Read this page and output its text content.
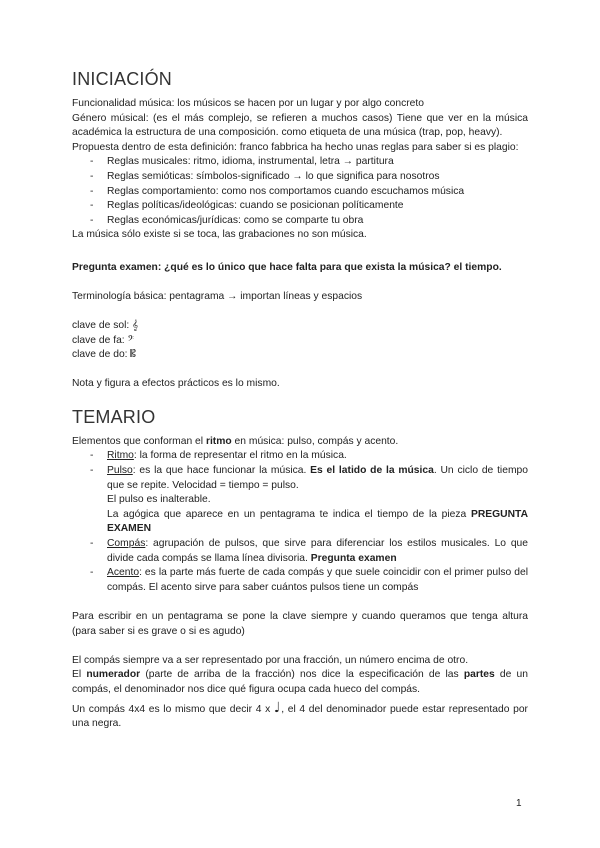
INICIACIÓN

Funcionalidad música: los músicos se hacen por un lugar y por algo concreto

Género músical: (es el más complejo, se refieren a muchos casos) Tiene que ver en la música académica la estructura de una composición. como etiqueta de una música (trap, pop, heavy).

Propuesta dentro de esta definición: franco fabbrica ha hecho unas reglas para saber si es plagio:

- Reglas musicales: ritmo, idioma, instrumental, letra → partitura
- Reglas semióticas: símbolos-significado → lo que significa para nosotros
- Reglas comportamiento: como nos comportamos cuando escuchamos música
- Reglas políticas/ideológicas: cuando se posicionan políticamente
- Reglas económicas/jurídicas: como se comparte tu obra

La música sólo existe si se toca, las grabaciones no son música.

Pregunta examen: ¿qué es lo único que hace falta para que exista la música? el tiempo.

Terminología básica: pentagrama → importan líneas y espacios

clave de sol: 𝄞

clave de fa: 𝄢

clave de do: 𝄡

Nota y figura a efectos prácticos es lo mismo.

TEMARIO

Elementos que conforman el ritmo en música: pulso, compás y acento.

- Ritmo: la forma de representar el ritmo en la música.
- Pulso: es la que hace funcionar la música. Es el latido de la música. Un ciclo de tiempo que se repite. Velocidad = tiempo = pulso.

El pulso es inalterable.

La agógica que aparece en un pentagrama te indica el tiempo de la pieza PREGUNTA EXAMEN

- Compás: agrupación de pulsos, que sirve para diferenciar los estilos musicales. Lo que divide cada compás se llama línea divisoria. Pregunta examen
- Acento: es la parte más fuerte de cada compás y que suele coincidir con el primer pulso del compás. El acento sirve para saber cuántos pulsos tiene un compás

Para escribir en un pentagrama se pone la clave siempre y cuando queramos que tenga altura (para saber si es grave o si es agudo)

El compás siempre va a ser representado por una fracción, un número encima de otro.

El numerador (parte de arriba de la fracción) nos dice la especificación de las partes de un compás, el denominador nos dice qué figura ocupa cada hueco del compás.

Un compás 4x4 es lo mismo que decir 4 x ♩, el 4 del denominador puede estar representado por una negra.

1
